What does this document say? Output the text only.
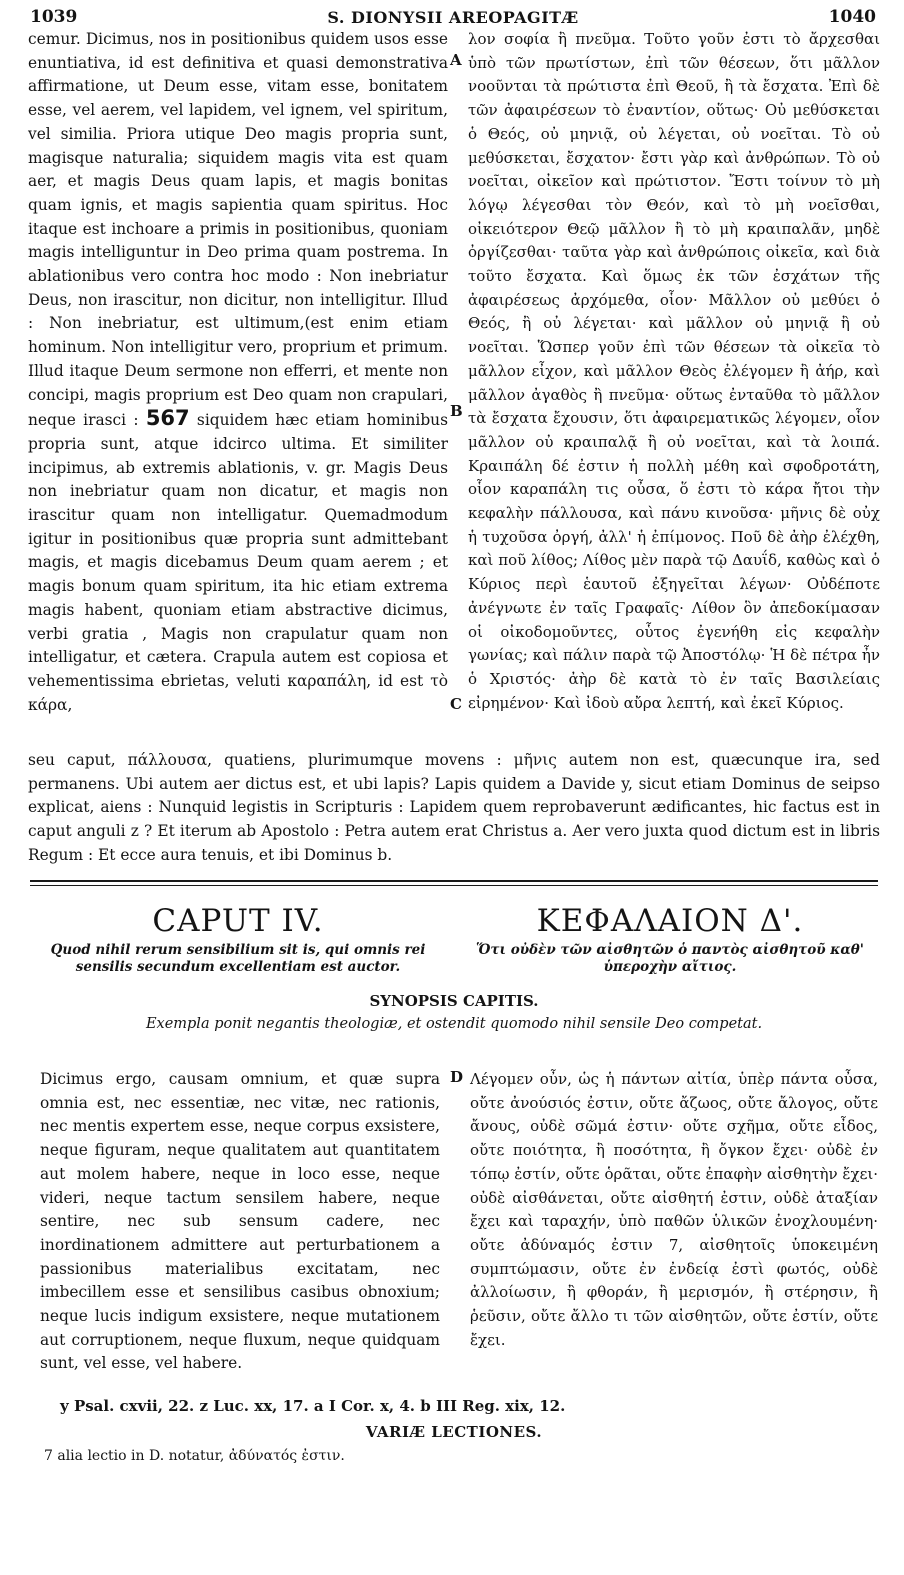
1039	S. DIONYSII AREOPAGITÆ	1040

cemur. Dicimus, nos in positionibus quidem usos esse enuntiativa, id est definitiva et quasi demonstrativa affirmatione, ut Deum esse, vitam esse, bonitatem esse, vel aerem, vel lapidem, vel ignem, vel spiritum, vel similia. Priora utique Deo magis propria sunt, magisque naturalia; siquidem magis vita est quam aer, et magis Deus quam lapis, et magis bonitas quam ignis, et magis sapientia quam spiritus. Hoc itaque est inchoare a primis in positionibus, quoniam magis intelliguntur in Deo prima quam postrema. In ablationibus vero contra hoc modo : Non inebriatur Deus, non irascitur, non dicitur, non intelligitur. Illud : Non inebriatur, est ultimum,(est enim etiam hominum. Non intelligitur vero, proprium et primum. Illud itaque Deum sermone non efferri, et mente non concipi, magis proprium est Deo quam non crapulari, neque irasci : 567 siquidem hæc etiam hominibus propria sunt, atque idcirco ultima. Et similiter incipimus, ab extremis ablationis, v. gr. Magis Deus non inebriatur quam non dicatur, et magis non irascitur quam non intelligatur. Quemadmodum igitur in positionibus quæ propria sunt admittebant magis, et magis dicebamus Deum quam aerem ; et magis bonum quam spiritum, ita hic etiam extrema magis habent, quoniam etiam abstractive dicimus, verbi gratia , Magis non crapulatur quam non intelligatur, et cætera. Crapula autem est copiosa et vehementissima ebrietas, veluti καραπάλη, id est τὸ κάρα,

A
B
C

λον σοφία ἢ πνεῦμα. Τοῦτο γοῦν ἐστι τὸ ἄρχεσθαι ὑπὸ τῶν πρωτίστων, ἐπὶ τῶν θέσεων, ὅτι μᾶλλον νοοῦνται τὰ πρώτιστα ἐπὶ Θεοῦ, ἢ τὰ ἔσχατα. Ἐπὶ δὲ τῶν ἀφαιρέσεων τὸ ἐναντίον, οὕτως· Οὐ μεθύσκεται ὁ Θεός, οὐ μηνιᾷ, οὐ λέγεται, οὐ νοεῖται. Τὸ οὐ μεθύσκεται, ἔσχατον· ἔστι γὰρ καὶ ἀνθρώπων. Τὸ οὐ νοεῖται, οἰκεῖον καὶ πρώτιστον. Ἔστι τοίνυν τὸ μὴ λόγῳ λέγεσθαι τὸν Θεόν, καὶ τὸ μὴ νοεῖσθαι, οἰκειότερον Θεῷ μᾶλλον ἢ τὸ μὴ κραιπαλᾶν, μηδὲ ὀργίζεσθαι· ταῦτα γὰρ καὶ ἀνθρώποις οἰκεῖα, καὶ διὰ τοῦτο ἔσχατα. Καὶ ὅμως ἐκ τῶν ἐσχάτων τῆς ἀφαιρέσεως ἀρχόμεθα, οἷον· Μᾶλλον οὐ μεθύει ὁ Θεός, ἢ οὐ λέγεται· καὶ μᾶλλον οὐ μηνιᾷ ἢ οὐ νοεῖται. Ὥσπερ γοῦν ἐπὶ τῶν θέσεων τὰ οἰκεῖα τὸ μᾶλλον εἶχον, καὶ μᾶλλον Θεὸς ἐλέγομεν ἢ ἀήρ, καὶ μᾶλλον ἀγαθὸς ἢ πνεῦμα· οὕτως ἐνταῦθα τὸ μᾶλλον τὰ ἔσχατα ἔχουσιν, ὅτι ἀφαιρεματικῶς λέγομεν, οἷον μᾶλλον οὐ κραιπαλᾷ ἢ οὐ νοεῖται, καὶ τὰ λοιπά. Κραιπάλη δέ ἐστιν ἡ πολλὴ μέθη καὶ σφοδροτάτη, οἷον καραπάλη τις οὖσα, ὅ ἐστι τὸ κάρα ἤτοι τὴν κεφαλὴν πάλλουσα, καὶ πάνυ κινοῦσα· μῆνις δὲ οὐχ ἡ τυχοῦσα ὀργή, ἀλλ' ἡ ἐπίμονος. Ποῦ δὲ ἀὴρ ἐλέχθη, καὶ ποῦ λίθος; Λίθος μὲν παρὰ τῷ Δαυΐδ, καθὼς καὶ ὁ Κύριος περὶ ἑαυτοῦ ἐξηγεῖται λέγων· Οὐδέποτε ἀνέγνωτε ἐν ταῖς Γραφαῖς· Λίθον ὃν ἀπεδοκίμασαν οἱ οἰκοδομοῦντες, οὗτος ἐγενήθη εἰς κεφαλὴν γωνίας; καὶ πάλιν παρὰ τῷ Ἀποστόλῳ· Ἡ δὲ πέτρα ἦν ὁ Χριστός· ἀὴρ δὲ κατὰ τὸ ἐν ταῖς Βασιλείαις εἰρημένον· Καὶ ἰδοὺ αὔρα λεπτή, καὶ ἐκεῖ Κύριος.

seu caput, πάλλουσα, quatiens, plurimumque movens : μῆνις autem non est, quæcunque ira, sed permanens. Ubi autem aer dictus est, et ubi lapis? Lapis quidem a Davide y, sicut etiam Dominus de seipso explicat, aiens : Nunquid legistis in Scripturis : Lapidem quem reprobaverunt ædificantes, hic factus est in caput anguli z ? Et iterum ab Apostolo : Petra autem erat Christus a. Aer vero juxta quod dictum est in libris Regum : Et ecce aura tenuis, et ibi Dominus b.

CAPUT IV.
Quod nihil rerum sensibilium sit is, qui omnis rei sensilis secundum excellentiam est auctor.
ΚΕΦΑΛΑΙΟΝ Δ'.
Ὅτι οὐδὲν τῶν αἰσθητῶν ὁ παντὸς αἰσθητοῦ καθ' ὑπεροχὴν αἴτιος.
SYNOPSIS CAPITIS.
Exempla ponit negantis theologiæ, et ostendit quomodo nihil sensile Deo competat.

Dicimus ergo, causam omnium, et quæ supra omnia est, nec essentiæ, nec vitæ, nec rationis, nec mentis expertem esse, neque corpus exsistere, neque figuram, neque qualitatem aut quantitatem aut molem habere, neque in loco esse, neque videri, neque tactum sensilem habere, neque sentire, nec sub sensum cadere, nec inordinationem admittere aut perturbationem a passionibus materialibus excitatam, nec imbecillem esse et sensilibus casibus obnoxium; neque lucis indigum exsistere, neque mutationem aut corruptionem, neque fluxum, neque quidquam sunt, vel esse, vel habere.

D Λέγομεν οὖν, ὡς ἡ πάντων αἰτία, ὑπὲρ πάντα οὖσα, οὔτε ἀνούσιός ἐστιν, οὔτε ἄζωος, οὔτε ἄλογος, οὔτε ἄνους, οὐδὲ σῶμά ἐστιν· οὔτε σχῆμα, οὔτε εἶδος, οὔτε ποιότητα, ἢ ποσότητα, ἢ ὄγκον ἔχει· οὐδὲ ἐν τόπῳ ἐστίν, οὔτε ὁρᾶται, οὔτε ἐπαφὴν αἰσθητὴν ἔχει· οὐδὲ αἰσθάνεται, οὔτε αἰσθητή ἐστιν, οὐδὲ ἀταξίαν ἔχει καὶ ταραχήν, ὑπὸ παθῶν ὑλικῶν ἐνοχλουμένη· οὔτε ἀδύναμός ἐστιν 7, αἰσθητοῖς ὑποκειμένη συμπτώμασιν, οὔτε ἐν ἐνδείᾳ ἐστὶ φωτός, οὐδὲ ἀλλοίωσιν, ἢ φθοράν, ἢ μερισμόν, ἢ στέρησιν, ἢ ῥεῦσιν, οὔτε ἄλλο τι τῶν αἰσθητῶν, οὔτε ἐστίν, οὔτε ἔχει.

y Psal. cxvii, 22. z Luc. xx, 17. a I Cor. x, 4. b III Reg. xix, 12.
VARIÆ LECTIONES.
7 alia lectio in D. notatur, ἀδύνατός ἐστιν.
